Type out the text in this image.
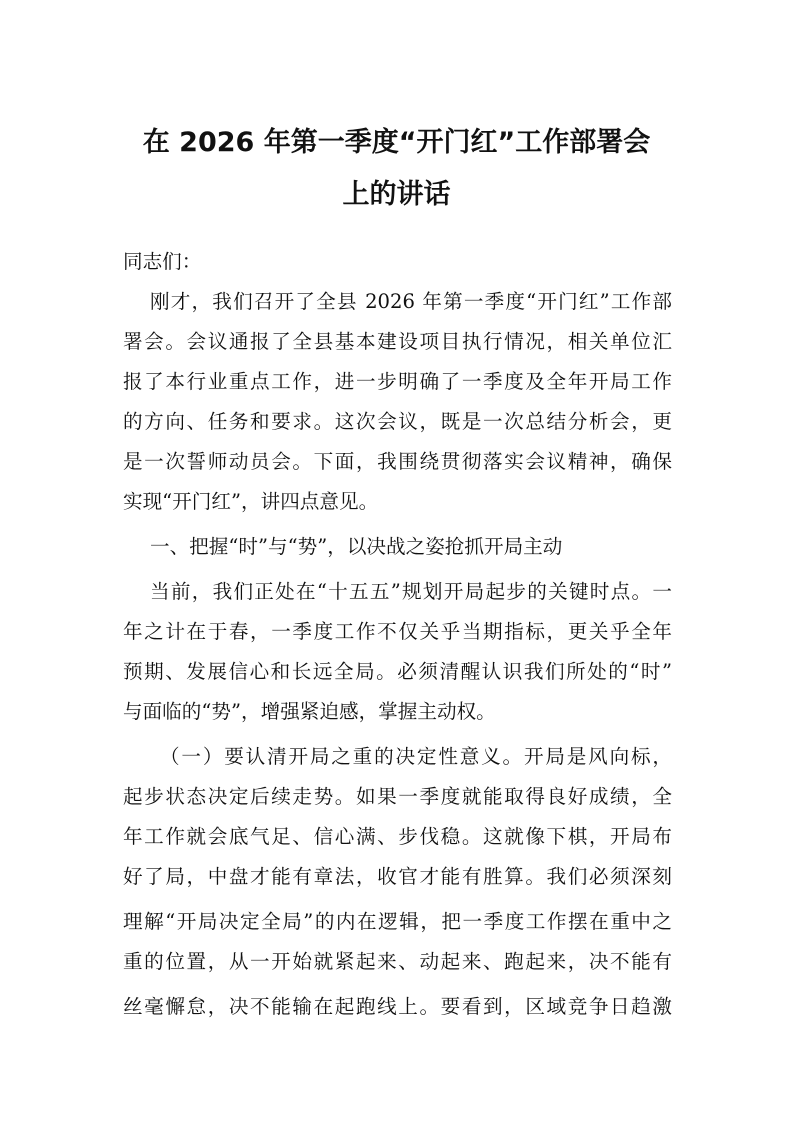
在 2026 年第一季度“开门红”工作部署会
上的讲话
同志们：
刚才，我们召开了全县 2026 年第一季度“开门红”工作部
署会。会议通报了全县基本建设项目执行情况，相关单位汇
报了本行业重点工作，进一步明确了一季度及全年开局工作
的方向、任务和要求。这次会议，既是一次总结分析会，更
是一次誓师动员会。下面，我围绕贯彻落实会议精神，确保
实现“开门红”，讲四点意见。
一、把握“时”与“势”，以决战之姿抢抓开局主动
当前，我们正处在“十五五”规划开局起步的关键时点。一
年之计在于春，一季度工作不仅关乎当期指标，更关乎全年
预期、发展信心和长远全局。必须清醒认识我们所处的“时”
与面临的“势”，增强紧迫感，掌握主动权。
（一）要认清开局之重的决定性意义。开局是风向标，
起步状态决定后续走势。如果一季度就能取得良好成绩，全
年工作就会底气足、信心满、步伐稳。这就像下棋，开局布
好了局，中盘才能有章法，收官才能有胜算。我们必须深刻
理解“开局决定全局”的内在逻辑，把一季度工作摆在重中之
重的位置，从一开始就紧起来、动起来、跑起来，决不能有
丝毫懈怠，决不能输在起跑线上。要看到，区域竞争日趋激
